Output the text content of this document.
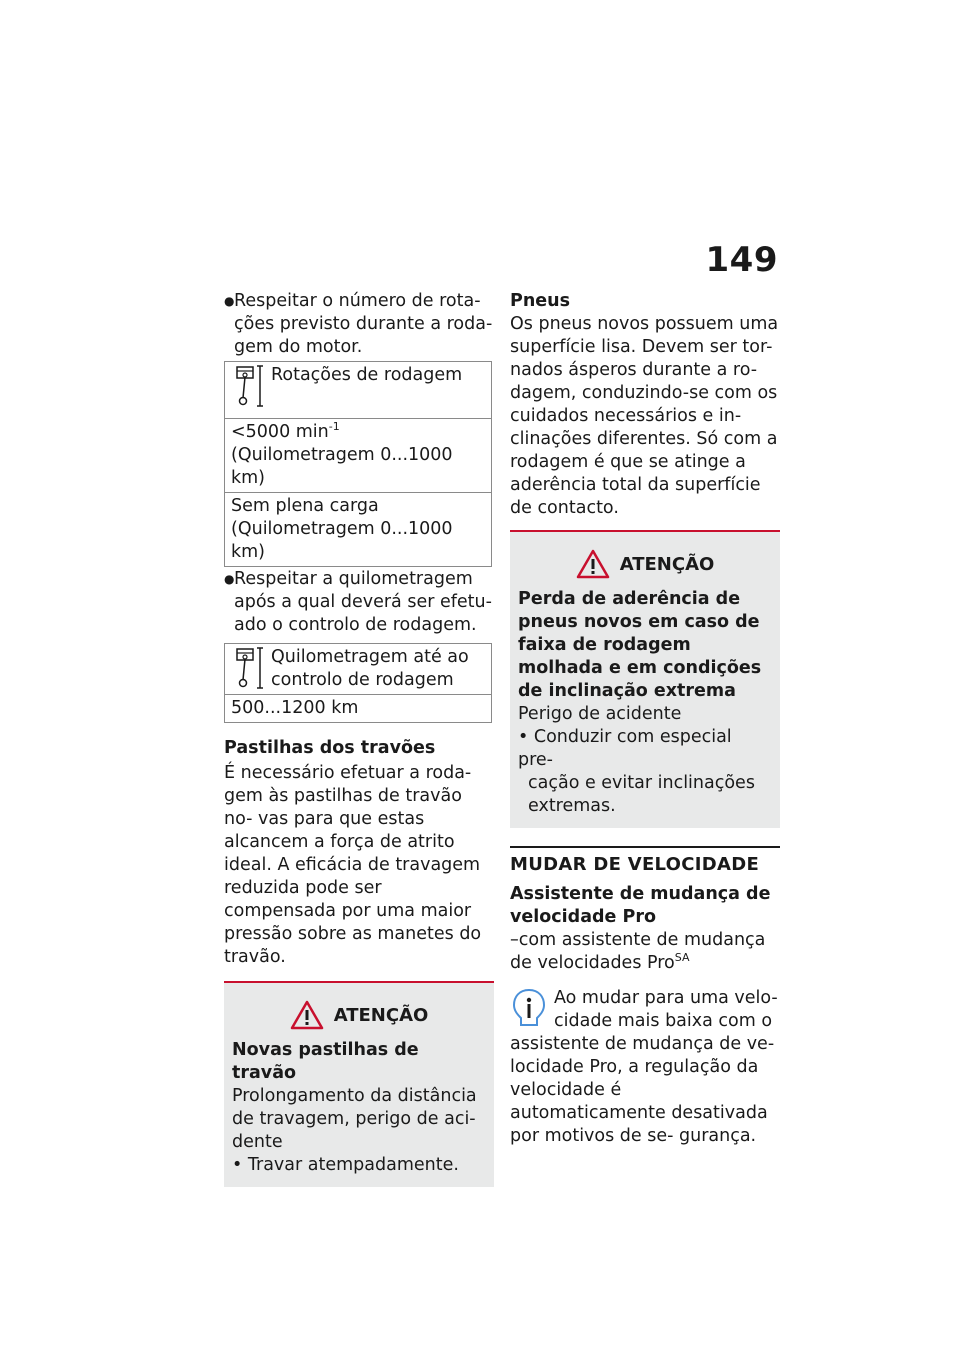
149
● Respeitar o número de rota- ções previsto durante a roda- gem do motor.
Rotações de rodagem

<5000 $\min^{-1}$ (Quilometragem 0...1000 km)
Sem plena carga (Quilometragem 0...1000 km)
● Respeitar a quilometragem após a qual deverá ser efetu- ado o controlo de rodagem.
Quilometragem até ao controlo de rodagem

500...1200 km
Pastilhas dos travões
É necessário efetuar a roda- gem às pastilhas de travão no- vas para que estas alcancem a força de atrito ideal. A eficácia de travagem reduzida pode ser compensada por uma maior pressão sobre as manetes do travão.
ATENÇÃO
Novas pastilhas de travão
Prolongamento da distância de travagem, perigo de aci- dente
• Travar atempadamente.
Pneus
Os pneus novos possuem uma superfície lisa. Devem ser tor- nados ásperos durante a ro- dagem, conduzindo-se com os cuidados necessários e in- clinações diferentes. Só com a rodagem é que se atinge a aderência total da superfície de contacto.
ATENÇÃO
Perda de aderência de pneus novos em caso de faixa de rodagem molhada e em condições de inclinação extrema
Perigo de acidente
• Conduzir com especial pre-
cação e evitar inclinações extremas.
MUDAR DE VELOCIDADE
Assistente de mudança de velocidade Pro
–com assistente de mudança de velocidades Pro$^{SA}$
Ao mudar para uma velo- cidade mais baixa com o assistente de mudança de ve- locidade Pro, a regulação da velocidade é automaticamente desativada por motivos de se- gurança.
